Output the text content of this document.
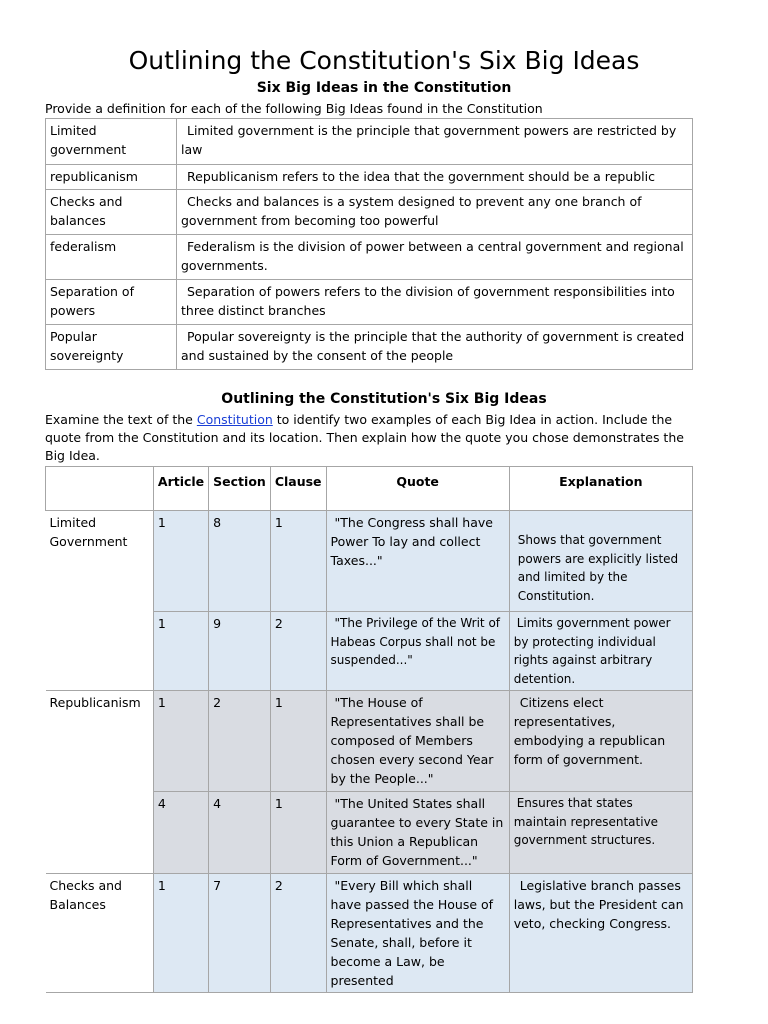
Outlining the Constitution's Six Big Ideas
Six Big Ideas in the Constitution
Provide a definition for each of the following Big Ideas found in the Constitution
Limited government	Limited government is the principle that government powers are restricted by law
republicanism	Republicanism refers to the idea that the government should be a republic
Checks and balances	Checks and balances is a system designed to prevent any one branch of government from becoming too powerful
federalism	Federalism is the division of power between a central government and regional governments.
Separation of powers	Separation of powers refers to the division of government responsibilities into three distinct branches
Popular sovereignty	Popular sovereignty is the principle that the authority of government is created and sustained by the consent of the people
Outlining the Constitution's Six Big Ideas
Examine the text of the Constitution to identify two examples of each Big Idea in action. Include the quote from the Constitution and its location. Then explain how the quote you chose demonstrates the Big Idea.
	Article	Section	Clause	Quote	Explanation
Limited Government	1	8	1	"The Congress shall have Power To lay and collect Taxes..."	Shows that government powers are explicitly listed and limited by the Constitution.
	1	9	2	"The Privilege of the Writ of Habeas Corpus shall not be suspended..."	Limits government power by protecting individual rights against arbitrary detention.
Republicanism	1	2	1	"The House of Representatives shall be composed of Members chosen every second Year by the People..."	Citizens elect representatives, embodying a republican form of government.
	4	4	1	"The United States shall guarantee to every State in this Union a Republican Form of Government..."	Ensures that states maintain representative government structures.
Checks and Balances	1	7	2	"Every Bill which shall have passed the House of Representatives and the Senate, shall, before it become a Law, be presented	Legislative branch passes laws, but the President can veto, checking Congress.
